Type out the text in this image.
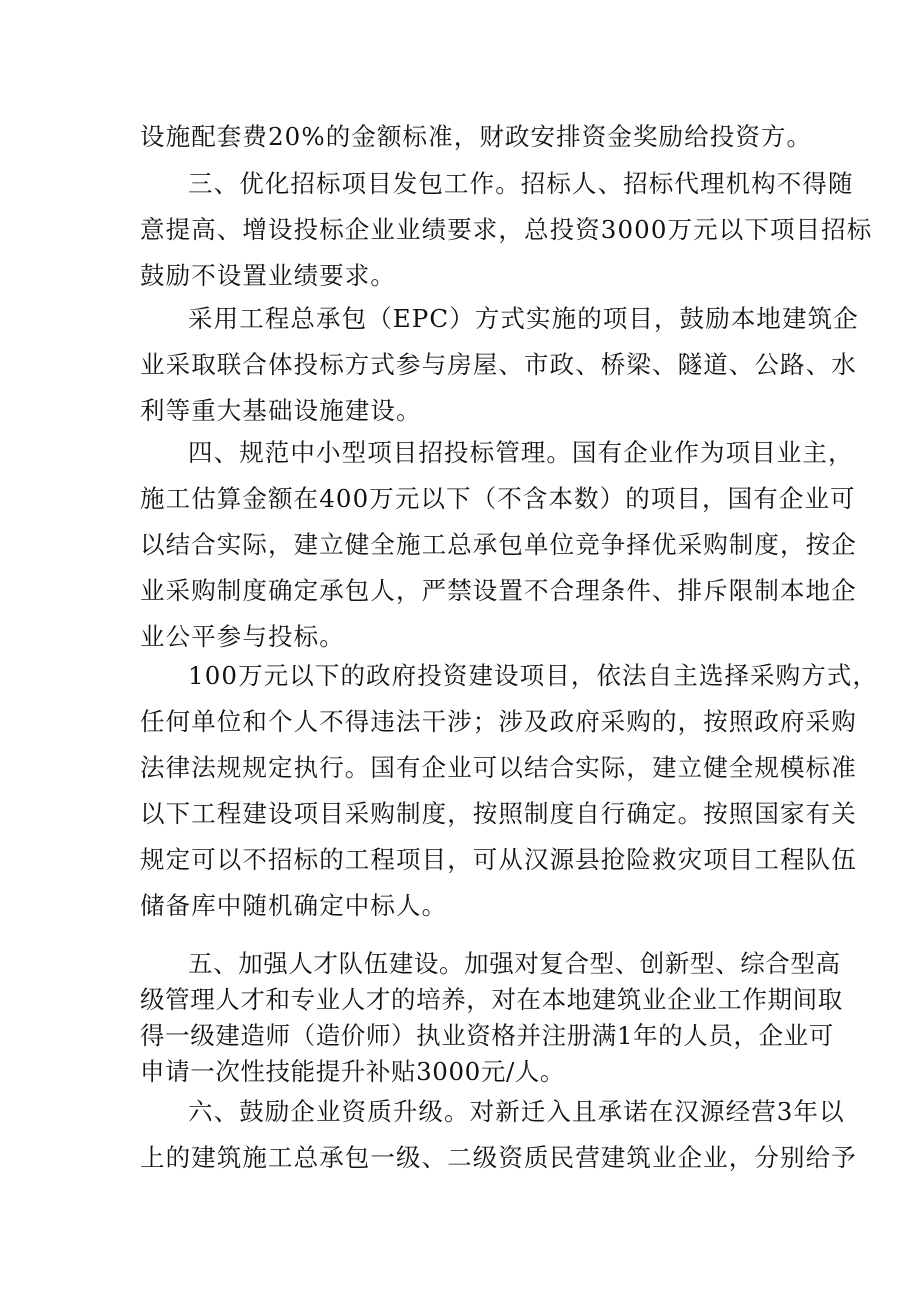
设施配套费20%的金额标准，财政安排资金奖励给投资方。
三、优化招标项目发包工作。招标人、招标代理机构不得随
意提高、增设投标企业业绩要求，总投资3000万元以下项目招标
鼓励不设置业绩要求。
采用工程总承包（EPC）方式实施的项目，鼓励本地建筑企
业采取联合体投标方式参与房屋、市政、桥梁、隧道、公路、水
利等重大基础设施建设。
四、规范中小型项目招投标管理。国有企业作为项目业主，
施工估算金额在400万元以下（不含本数）的项目，国有企业可
以结合实际，建立健全施工总承包单位竞争择优采购制度，按企
业采购制度确定承包人，严禁设置不合理条件、排斥限制本地企
业公平参与投标。
100万元以下的政府投资建设项目，依法自主选择采购方式，
任何单位和个人不得违法干涉；涉及政府采购的，按照政府采购
法律法规规定执行。国有企业可以结合实际，建立健全规模标准
以下工程建设项目采购制度，按照制度自行确定。按照国家有关
规定可以不招标的工程项目，可从汉源县抢险救灾项目工程队伍
储备库中随机确定中标人。
五、加强人才队伍建设。加强对复合型、创新型、综合型高
级管理人才和专业人才的培养，对在本地建筑业企业工作期间取
得一级建造师（造价师）执业资格并注册满1年的人员，企业可
申请一次性技能提升补贴3000元/人。
六、鼓励企业资质升级。对新迁入且承诺在汉源经营3年以
上的建筑施工总承包一级、二级资质民营建筑业企业，分别给予
